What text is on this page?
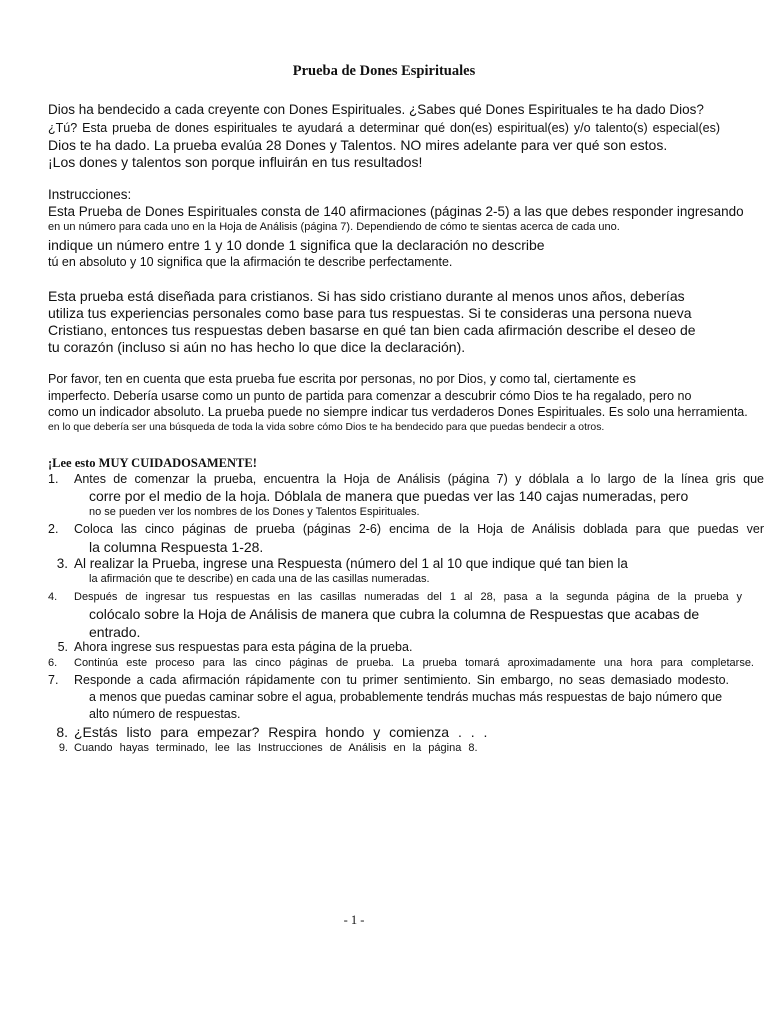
Prueba de Dones Espirituales
Dios ha bendecido a cada creyente con Dones Espirituales. ¿Sabes qué Dones Espirituales te ha dado Dios?
¿Tú? Esta prueba de dones espirituales te ayudará a determinar qué don(es) espiritual(es) y/o talento(s) especial(es)
Dios te ha dado. La prueba evalúa 28 Dones y Talentos. NO mires adelante para ver qué son estos.
¡Los dones y talentos son porque influirán en tus resultados!
Instrucciones:
Esta Prueba de Dones Espirituales consta de 140 afirmaciones (páginas 2-5) a las que debes responder ingresando
en un número para cada uno en la Hoja de Análisis (página 7). Dependiendo de cómo te sientas acerca de cada uno.
indique un número entre 1 y 10 donde 1 significa que la declaración no describe
tú en absoluto y 10 significa que la afirmación te describe perfectamente.
Esta prueba está diseñada para cristianos. Si has sido cristiano durante al menos unos años, deberías
utiliza tus experiencias personales como base para tus respuestas. Si te consideras una persona nueva
Cristiano, entonces tus respuestas deben basarse en qué tan bien cada afirmación describe el deseo de
tu corazón (incluso si aún no has hecho lo que dice la declaración).
Por favor, ten en cuenta que esta prueba fue escrita por personas, no por Dios, y como tal, ciertamente es
imperfecto. Debería usarse como un punto de partida para comenzar a descubrir cómo Dios te ha regalado, pero no
como un indicador absoluto. La prueba puede no siempre indicar tus verdaderos Dones Espirituales. Es solo una herramienta.
en lo que debería ser una búsqueda de toda la vida sobre cómo Dios te ha bendecido para que puedas bendecir a otros.
¡Lee esto MUY CUIDADOSAMENTE!
1. Antes de comenzar la prueba, encuentra la Hoja de Análisis (página 7) y dóblala a lo largo de la línea gris que
corre por el medio de la hoja. Dóblala de manera que puedas ver las 140 cajas numeradas, pero
no se pueden ver los nombres de los Dones y Talentos Espirituales.
2. Coloca las cinco páginas de prueba (páginas 2-6) encima de la Hoja de Análisis doblada para que puedas ver
la columna Respuesta 1-28.
3. Al realizar la Prueba, ingrese una Respuesta (número del 1 al 10 que indique qué tan bien la
la afirmación que te describe) en cada una de las casillas numeradas.
4. Después de ingresar tus respuestas en las casillas numeradas del 1 al 28, pasa a la segunda página de la prueba y
colócalo sobre la Hoja de Análisis de manera que cubra la columna de Respuestas que acabas de
entrado.
5. Ahora ingrese sus respuestas para esta página de la prueba.
6. Continúa este proceso para las cinco páginas de prueba. La prueba tomará aproximadamente una hora para completarse.
7. Responde a cada afirmación rápidamente con tu primer sentimiento. Sin embargo, no seas demasiado modesto.
a menos que puedas caminar sobre el agua, probablemente tendrás muchas más respuestas de bajo número que
alto número de respuestas.
8. ¿Estás listo para empezar? Respira hondo y comienza . . .
9. Cuando hayas terminado, lee las Instrucciones de Análisis en la página 8.
- 1 -
